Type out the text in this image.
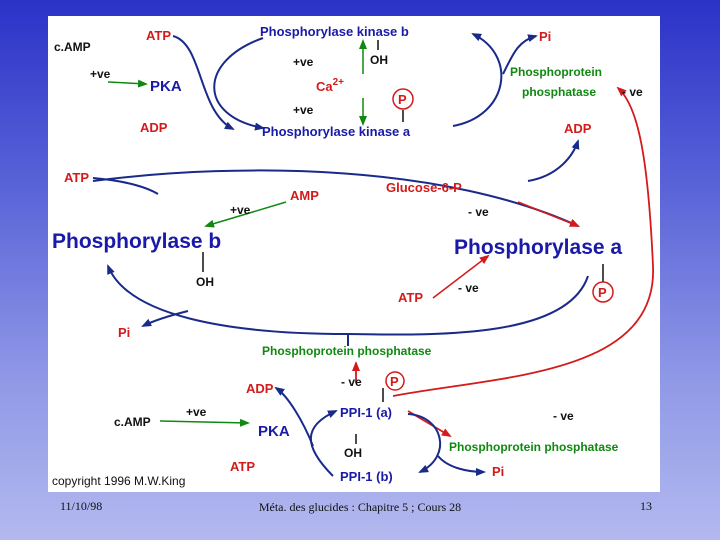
c.AMP
+ve
PKA
ATP
ADP
Phosphorylase kinase b
OH
+ve
$Ca^{2+}$
+ve
P
Phosphorylase kinase a
Pi
Phosphoprotein
phosphatase - ve
ADP
ATP
+ve
AMP
Glucose-6-P
- ve
Phosphorylase b	Phosphorylase a
OH
ATP
- ve	P
Pi
Phosphoprotein phosphatase
ADP	- ve P
c.AMP
+ve
PKA
PPI-1 (a)	- ve
OH	Phosphoprotein phosphatase
ATP
PPI-1 (b)	Pi
copyright 1996 M.W.King
11/10/98	Méta. des glucides : Chapitre 5 ; Cours 28	13
